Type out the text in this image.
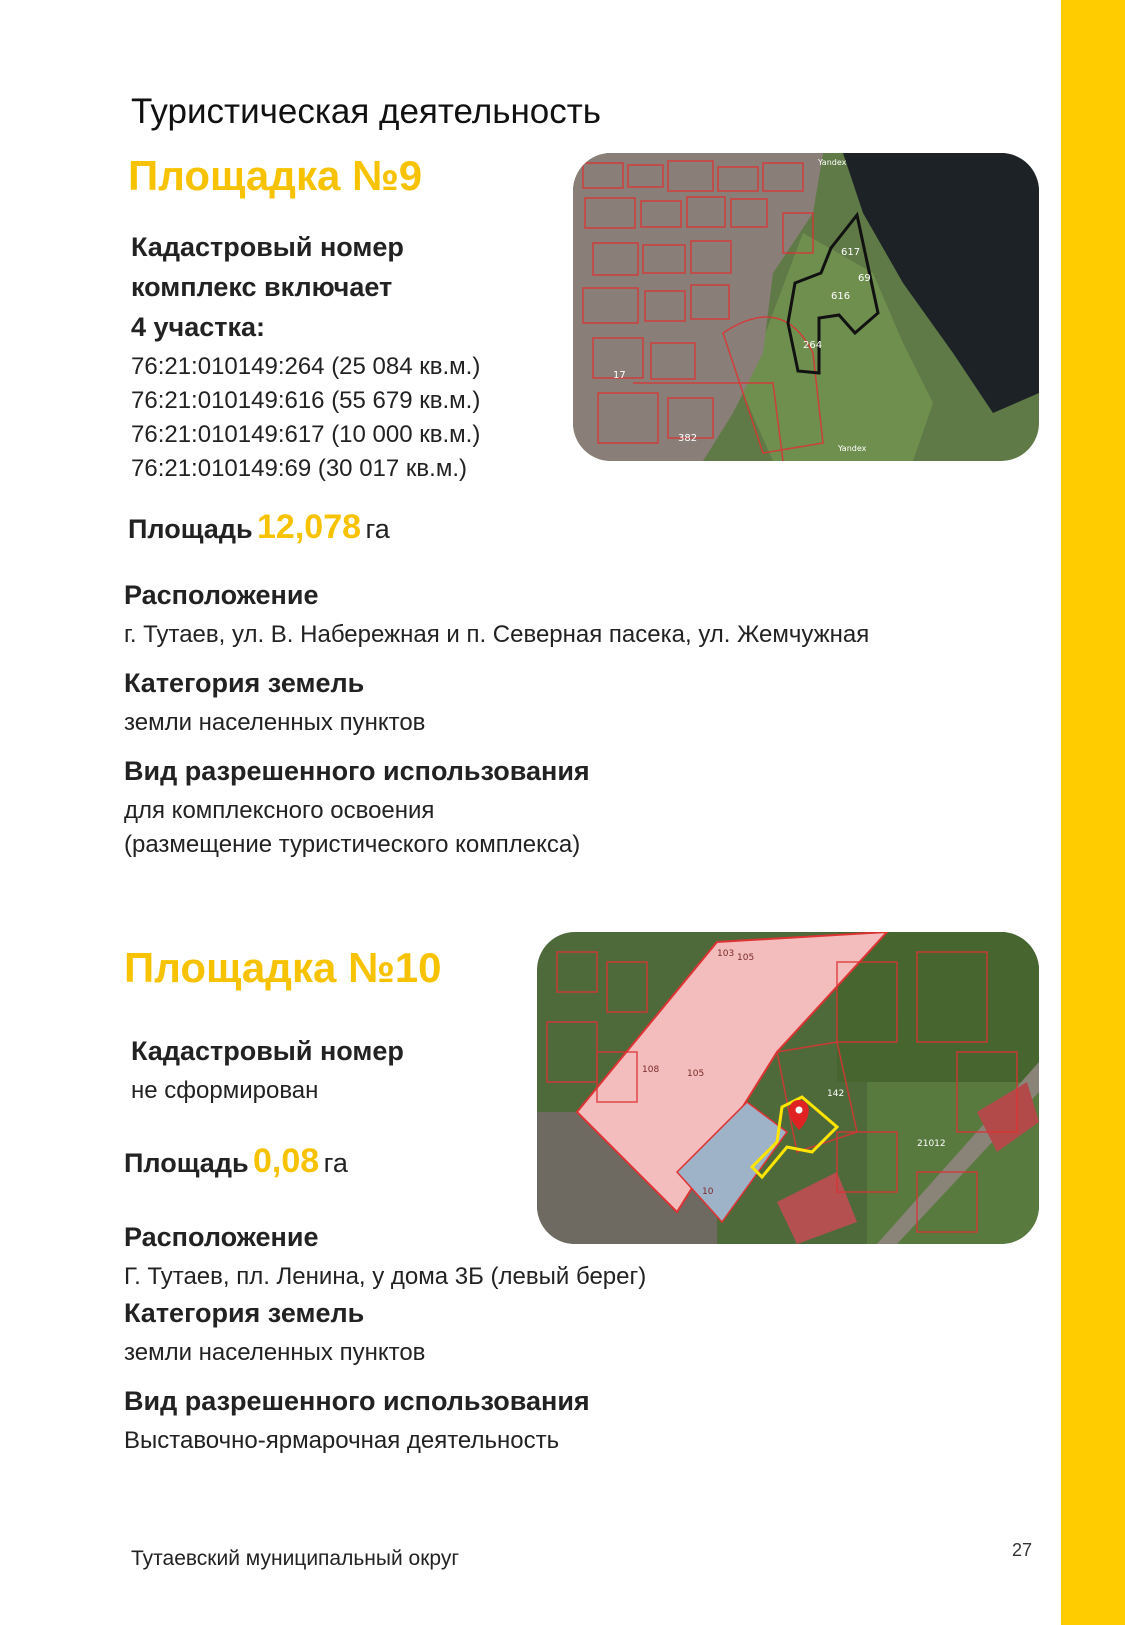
Туристическая деятельность
Площадка №9
Кадастровый номер
комплекс включает
4 участка:
76:21:010149:264 (25 084 кв.м.)
76:21:010149:616 (55 679 кв.м.)
76:21:010149:617 (10 000 кв.м.)
76:21:010149:69 (30 017 кв.м.)
Площадь 12,078 га
Расположение
г. Тутаев, ул. В. Набережная и п. Северная пасека, ул. Жемчужная
Категория земель
земли населенных пунктов
Вид разрешенного использования
для комплексного освоения
(размещение туристического комплекса)
616
69
264
617
17
382
Yandex
Yandex
Площадка №10
Кадастровый номер
не сформирован
Площадь 0,08 га
Расположение
Г. Тутаев, пл. Ленина, у дома 3Б (левый берег)
Категория земель
земли населенных пунктов
Вид разрешенного использования
Выставочно-ярмарочная деятельность
103 105
108	105
142
21012
10
Тутаевский муниципальный округ	27
